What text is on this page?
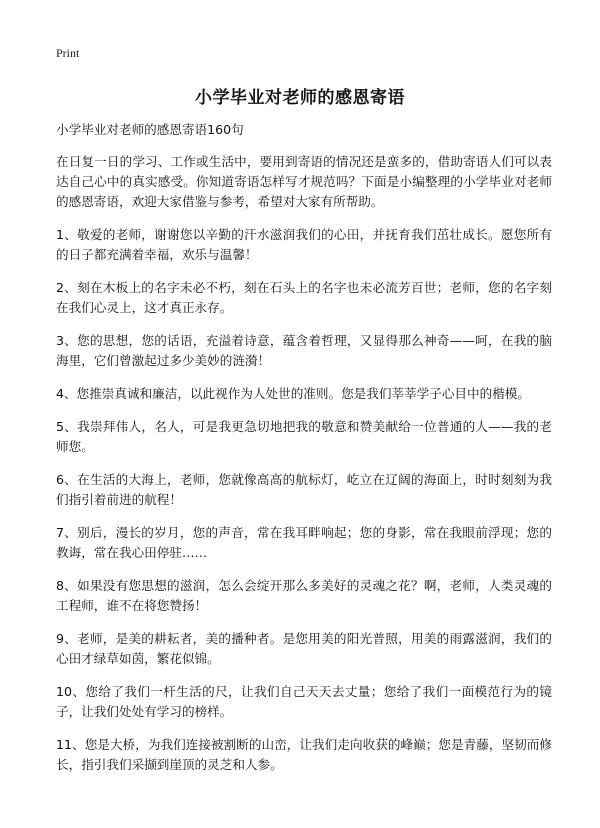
Print
小学毕业对老师的感恩寄语

小学毕业对老师的感恩寄语160句

在日复一日的学习、工作或生活中，要用到寄语的情况还是蛮多的，借助寄语人们可以表达自己心中的真实感受。你知道寄语怎样写才规范吗？下面是小编整理的小学毕业对老师的感恩寄语，欢迎大家借鉴与参考，希望对大家有所帮助。

1、敬爱的老师，谢谢您以辛勤的汗水滋润我们的心田，并抚育我们茁壮成长。愿您所有的日子都充满着幸福，欢乐与温馨！

2、刻在木板上的名字未必不朽，刻在石头上的名字也未必流芳百世；老师，您的名字刻在我们心灵上，这才真正永存。

3、您的思想，您的话语，充溢着诗意，蕴含着哲理，又显得那么神奇——呵，在我的脑海里，它们曾激起过多少美妙的涟漪！

4、您推崇真诚和廉洁，以此视作为人处世的准则。您是我们莘莘学子心目中的楷模。

5、我崇拜伟人，名人，可是我更急切地把我的敬意和赞美献给一位普通的人——我的老师您。

6、在生活的大海上，老师，您就像高高的航标灯，屹立在辽阔的海面上，时时刻刻为我们指引着前进的航程！

7、别后，漫长的岁月，您的声音，常在我耳畔响起；您的身影，常在我眼前浮现；您的教诲，常在我心田停驻……

8、如果没有您思想的滋润，怎么会绽开那么多美好的灵魂之花？啊，老师，人类灵魂的工程师，谁不在将您赞扬！

9、老师，是美的耕耘者，美的播种者。是您用美的阳光普照，用美的雨露滋润，我们的心田才绿草如茵，繁花似锦。

10、您给了我们一杆生活的尺，让我们自己天天去丈量；您给了我们一面模范行为的镜子，让我们处处有学习的榜样。

11、您是大桥，为我们连接被割断的山峦，让我们走向收获的峰巅；您是青藤，坚韧而修长，指引我们采撷到崖顶的灵芝和人参。
